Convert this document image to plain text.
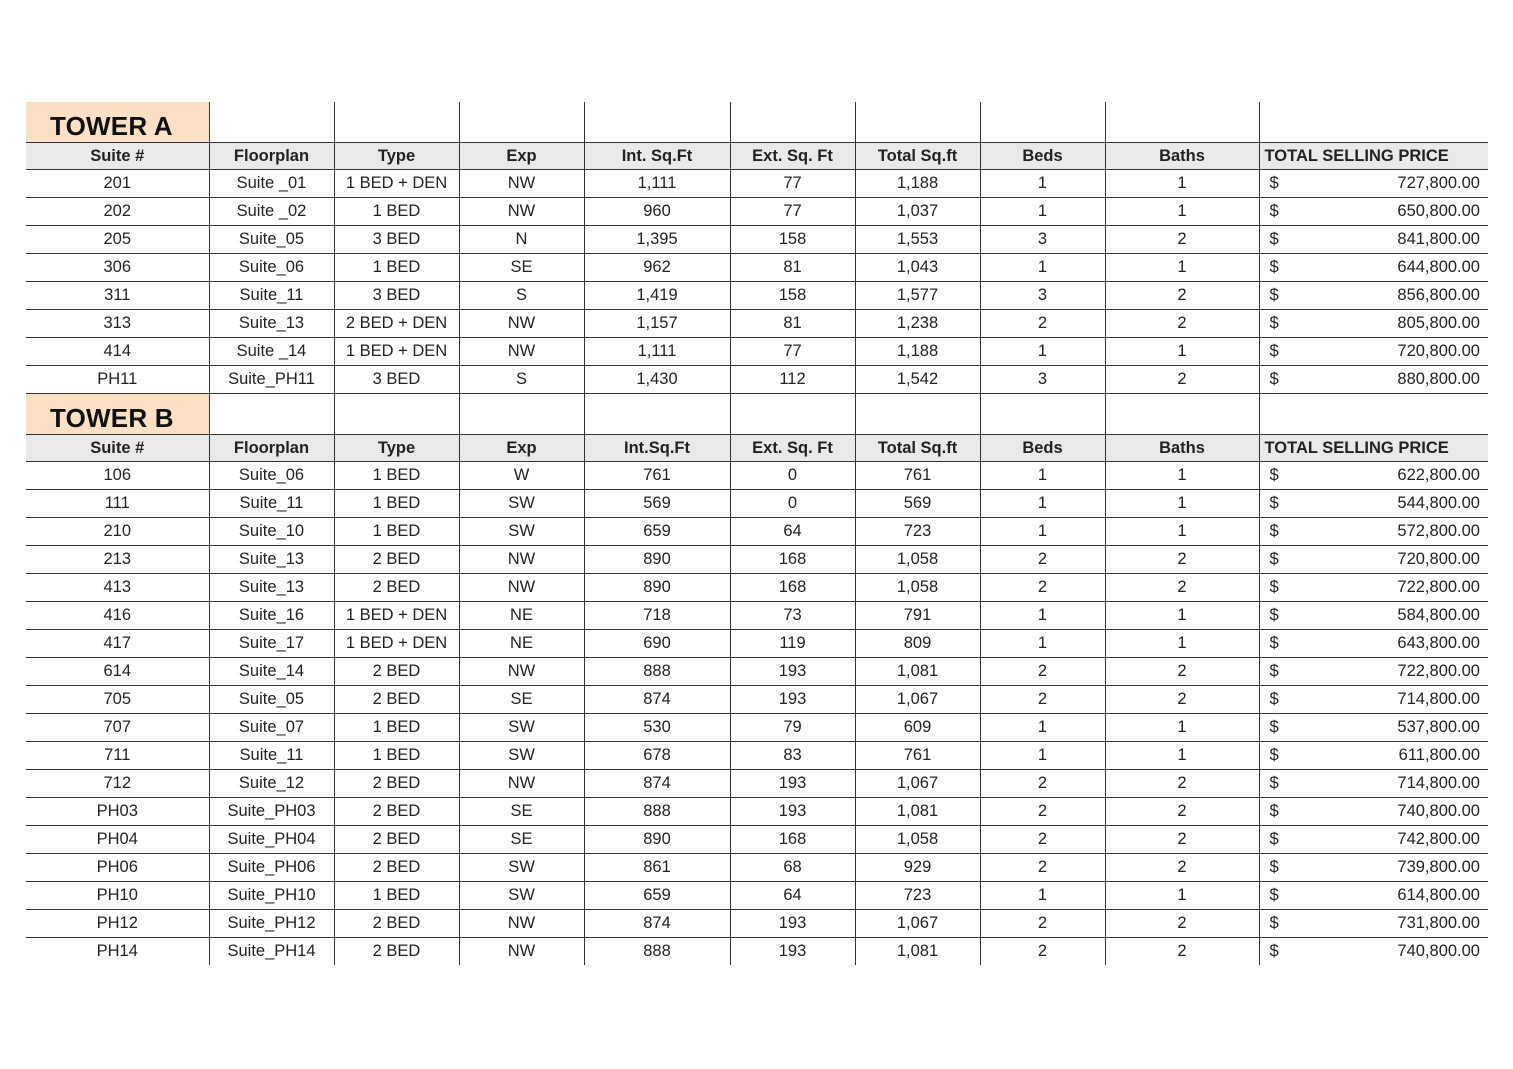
TOWER A									
Suite #	Floorplan	Type	Exp	Int. Sq.Ft	Ext. Sq. Ft	Total Sq.ft	Beds	Baths	TOTAL SELLING PRICE
201	Suite _01	1 BED + DEN	NW	1,111	77	1,188	1	1	$ 727,800.00

202	Suite _02	1 BED	NW	960	77	1,037	1	1	$ 650,800.00

205	Suite_05	3 BED	N	1,395	158	1,553	3	2	$ 841,800.00

306	Suite_06	1 BED	SE	962	81	1,043	1	1	$ 644,800.00

311	Suite_11	3 BED	S	1,419	158	1,577	3	2	$ 856,800.00

313	Suite_13	2 BED + DEN	NW	1,157	81	1,238	2	2	$ 805,800.00

414	Suite _14	1 BED + DEN	NW	1,111	77	1,188	1	1	$ 720,800.00

PH11	Suite_PH11	3 BED	S	1,430	112	1,542	3	2	$ 880,800.00

TOWER B									
Suite #	Floorplan	Type	Exp	Int.Sq.Ft	Ext. Sq. Ft	Total Sq.ft	Beds	Baths	TOTAL SELLING PRICE
106	Suite_06	1 BED	W	761	0	761	1	1	$ 622,800.00

111	Suite_11	1 BED	SW	569	0	569	1	1	$ 544,800.00

210	Suite_10	1 BED	SW	659	64	723	1	1	$ 572,800.00

213	Suite_13	2 BED	NW	890	168	1,058	2	2	$ 720,800.00

413	Suite_13	2 BED	NW	890	168	1,058	2	2	$ 722,800.00

416	Suite_16	1 BED + DEN	NE	718	73	791	1	1	$ 584,800.00

417	Suite_17	1 BED + DEN	NE	690	119	809	1	1	$ 643,800.00

614	Suite_14	2 BED	NW	888	193	1,081	2	2	$ 722,800.00

705	Suite_05	2 BED	SE	874	193	1,067	2	2	$ 714,800.00

707	Suite_07	1 BED	SW	530	79	609	1	1	$ 537,800.00

711	Suite_11	1 BED	SW	678	83	761	1	1	$ 611,800.00

712	Suite_12	2 BED	NW	874	193	1,067	2	2	$ 714,800.00

PH03	Suite_PH03	2 BED	SE	888	193	1,081	2	2	$ 740,800.00

PH04	Suite_PH04	2 BED	SE	890	168	1,058	2	2	$ 742,800.00

PH06	Suite_PH06	2 BED	SW	861	68	929	2	2	$ 739,800.00

PH10	Suite_PH10	1 BED	SW	659	64	723	1	1	$ 614,800.00

PH12	Suite_PH12	2 BED	NW	874	193	1,067	2	2	$ 731,800.00

PH14	Suite_PH14	2 BED	NW	888	193	1,081	2	2	$ 740,800.00
